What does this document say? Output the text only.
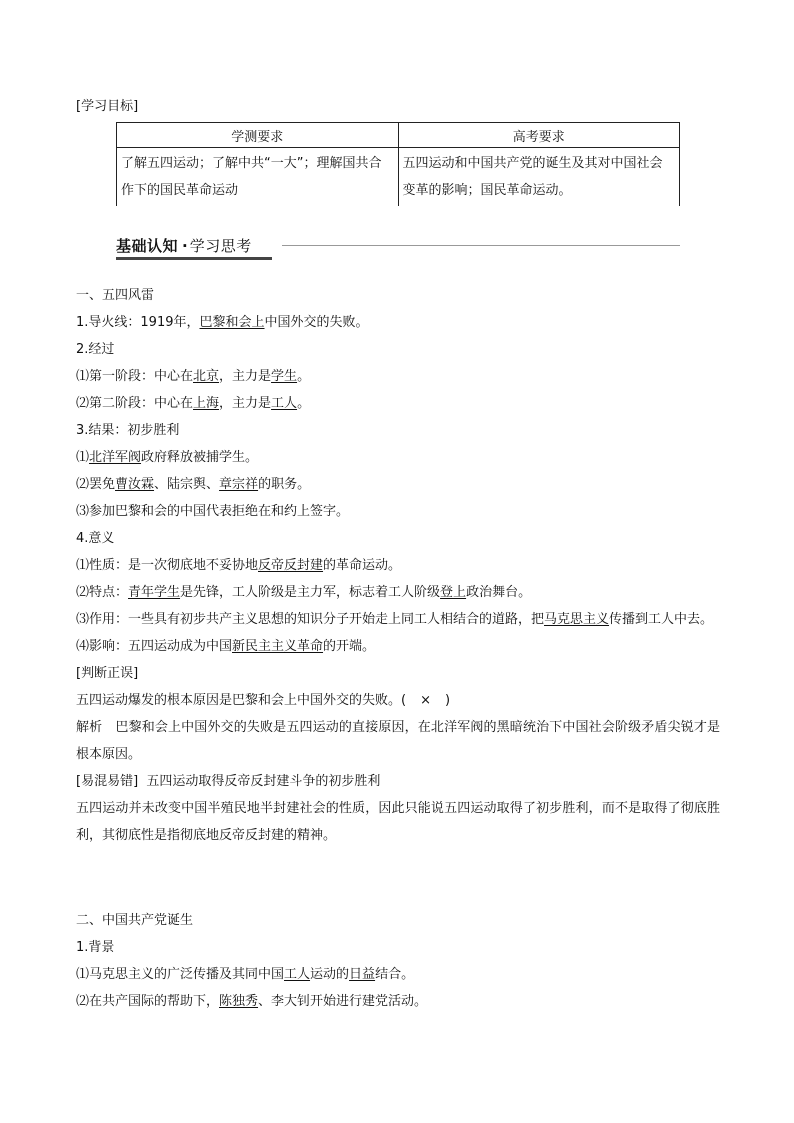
[学习目标]
学测要求	高考要求
了解五四运动；了解中共“一大”；理解国共合作下的国民革命运动	五四运动和中国共产党的诞生及其对中国社会变革的影响；国民革命运动。
基础认知 · 学习思考

一、五四风雷

1.导火线：1919年，巴黎和会上中国外交的失败。

2.经过

⑴第一阶段：中心在北京，主力是学生。

⑵第二阶段：中心在上海，主力是工人。

3.结果：初步胜利

⑴北洋军阀政府释放被捕学生。

⑵罢免曹汝霖、陆宗舆、章宗祥的职务。

⑶参加巴黎和会的中国代表拒绝在和约上签字。

4.意义

⑴性质：是一次彻底地不妥协地反帝反封建的革命运动。

⑵特点：青年学生是先锋，工人阶级是主力军，标志着工人阶级登上政治舞台。

⑶作用：一些具有初步共产主义思想的知识分子开始走上同工人相结合的道路，把马克思主义传播到工人中去。

⑷影响：五四运动成为中国新民主主义革命的开端。

[判断正误]

五四运动爆发的根本原因是巴黎和会上中国外交的失败。( × )

解析　巴黎和会上中国外交的失败是五四运动的直接原因，在北洋军阀的黑暗统治下中国社会阶级矛盾尖锐才是根本原因。

[易混易错] 五四运动取得反帝反封建斗争的初步胜利

五四运动并未改变中国半殖民地半封建社会的性质，因此只能说五四运动取得了初步胜利，而不是取得了彻底胜利，其彻底性是指彻底地反帝反封建的精神。

二、中国共产党诞生

1.背景

⑴马克思主义的广泛传播及其同中国工人运动的日益结合。

⑵在共产国际的帮助下，陈独秀、李大钊开始进行建党活动。
